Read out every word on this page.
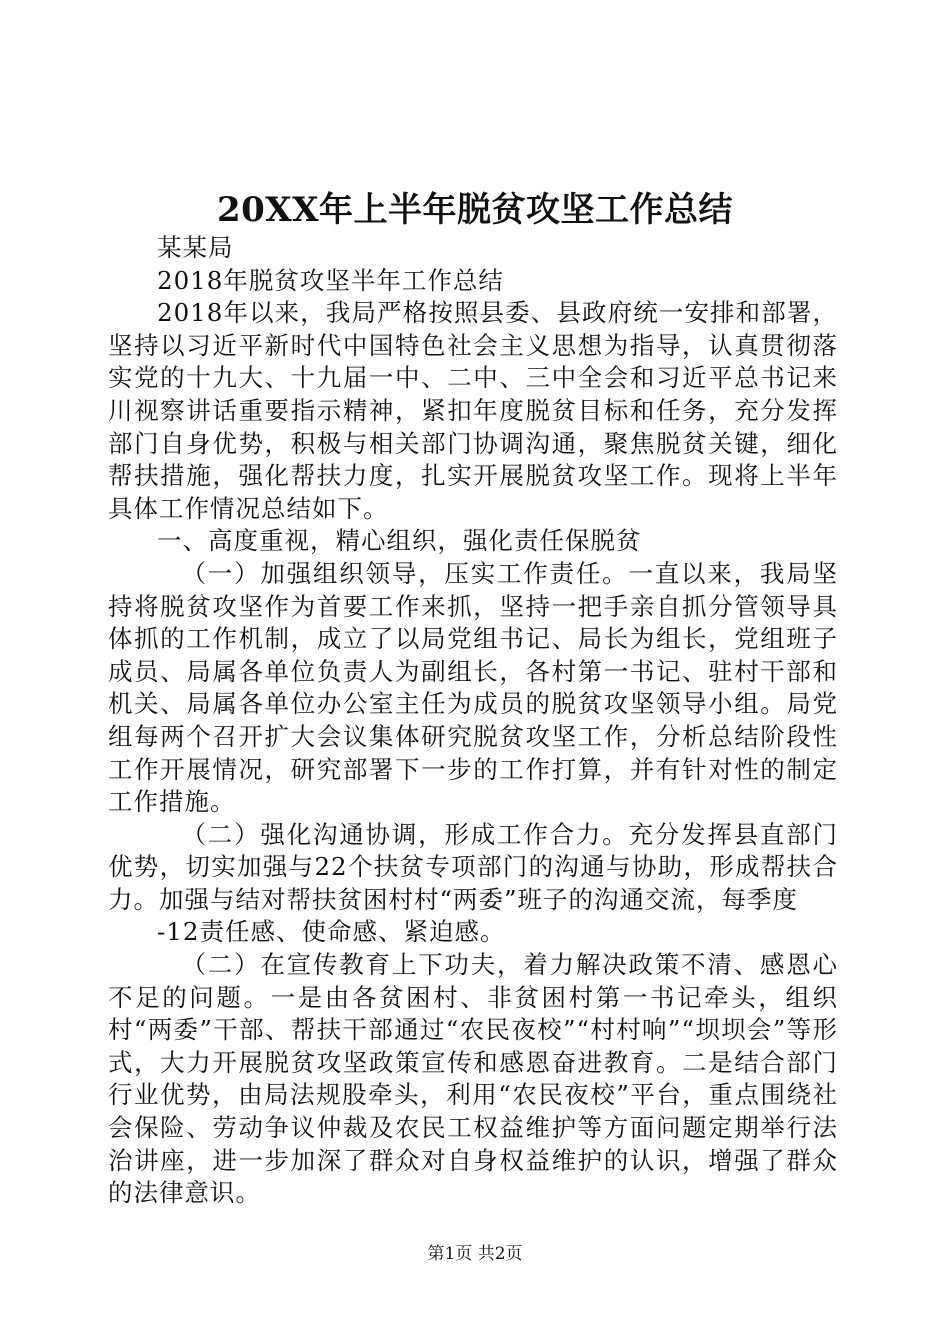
20XX年上半年脱贫攻坚工作总结

某某局

2018年脱贫攻坚半年工作总结

2018年以来，我局严格按照县委、县政府统一安排和部署，坚持以习近平新时代中国特色社会主义思想为指导，认真贯彻落实党的十九大、十九届一中、二中、三中全会和习近平总书记来川视察讲话重要指示精神，紧扣年度脱贫目标和任务，充分发挥部门自身优势，积极与相关部门协调沟通，聚焦脱贫关键，细化帮扶措施，强化帮扶力度，扎实开展脱贫攻坚工作。现将上半年具体工作情况总结如下。

一、高度重视，精心组织，强化责任保脱贫

（一）加强组织领导，压实工作责任。一直以来，我局坚持将脱贫攻坚作为首要工作来抓，坚持一把手亲自抓分管领导具体抓的工作机制，成立了以局党组书记、局长为组长，党组班子成员、局属各单位负责人为副组长，各村第一书记、驻村干部和机关、局属各单位办公室主任为成员的脱贫攻坚领导小组。局党组每两个召开扩大会议集体研究脱贫攻坚工作，分析总结阶段性工作开展情况，研究部署下一步的工作打算，并有针对性的制定工作措施。

（二）强化沟通协调，形成工作合力。充分发挥县直部门优势，切实加强与22个扶贫专项部门的沟通与协助，形成帮扶合力。加强与结对帮扶贫困村村“两委”班子的沟通交流，每季度

-12责任感、使命感、紧迫感。

（二）在宣传教育上下功夫，着力解决政策不清、感恩心不足的问题。一是由各贫困村、非贫困村第一书记牵头，组织村“两委”干部、帮扶干部通过“农民夜校”“村村响”“坝坝会”等形式，大力开展脱贫攻坚政策宣传和感恩奋进教育。二是结合部门行业优势，由局法规股牵头，利用“农民夜校”平台，重点围绕社会保险、劳动争议仲裁及农民工权益维护等方面问题定期举行法治讲座，进一步加深了群众对自身权益维护的认识，增强了群众的法律意识。

第1页 共2页
